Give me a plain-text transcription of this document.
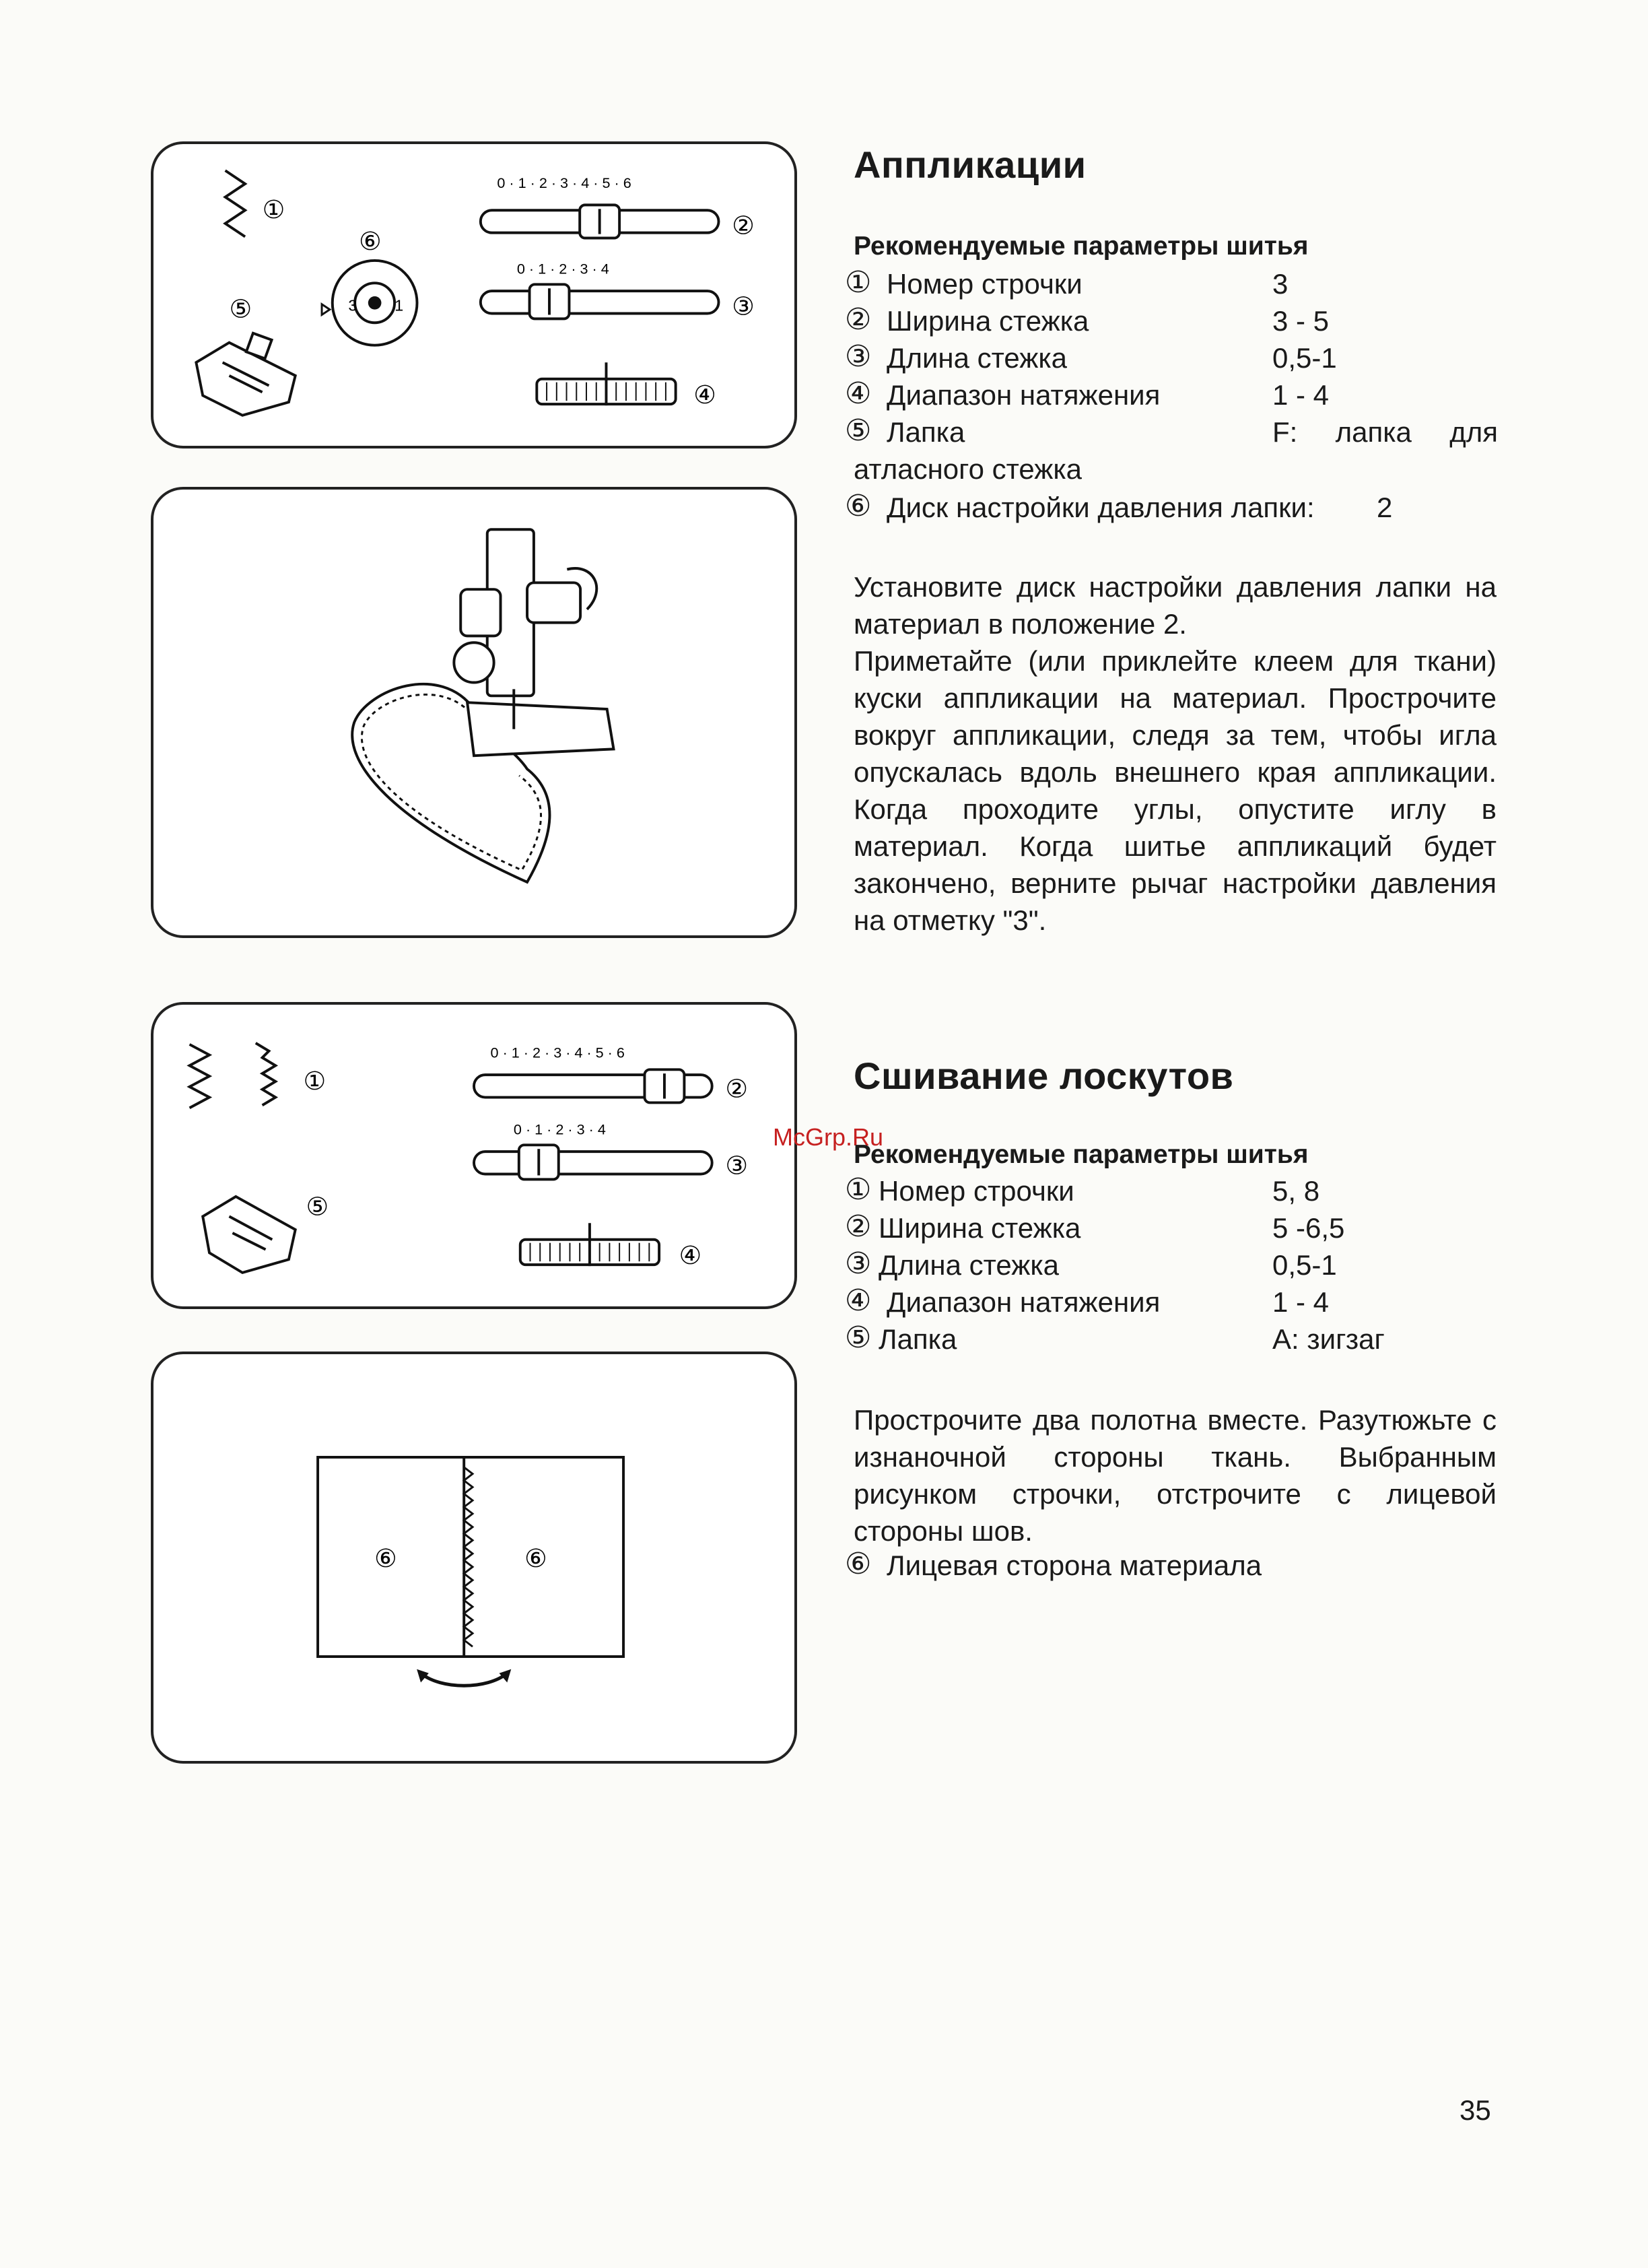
①
3 1
⑥
⑤
0 · 1 · 2 · 3 · 4 · 5 · 6
②
0 · 1 · 2 · 3 · 4
③
④
①
0 · 1 · 2 · 3 · 4 · 5 · 6
②
0 · 1 · 2 · 3 · 4
③
⑤
④
⑥	⑥
Аппликации
Рекомендуемые параметры шитья
① Номер строчки	3
② Ширина стежка	3 - 5
③ Длина стежка	0,5-1
④ Диапазон натяжения	1 - 4
⑤ Лапка	F: лапка для
атласного стежка
⑥ Диск настройки давления лапки: 2

Установите диск настройки давления лапки на материал в положение 2.

Приметайте (или приклейте клеем для ткани) куски аппликации на материал. Прострочите вокруг аппликации, следя за тем, чтобы игла опускалась вдоль внешнего края аппликации. Когда проходите углы, опустите иглу в материал. Когда шитье аппликаций будет закончено, верните рычаг настройки давления на отметку "3".

Сшивание лоскутов
McGrp.Ru
Рекомендуемые параметры шитья
① Номер строчки	5, 8
② Ширина стежка	5 -6,5
③ Длина стежка	0,5-1
④ Диапазон натяжения	1 - 4
⑤ Лапка	A: зигзаг

Прострочите два полотна вместе. Разутюжьте с изнаночной стороны ткань. Выбранным рисунком строчки, отстрочите с лицевой стороны шов.

⑥ Лицевая сторона материала
35
